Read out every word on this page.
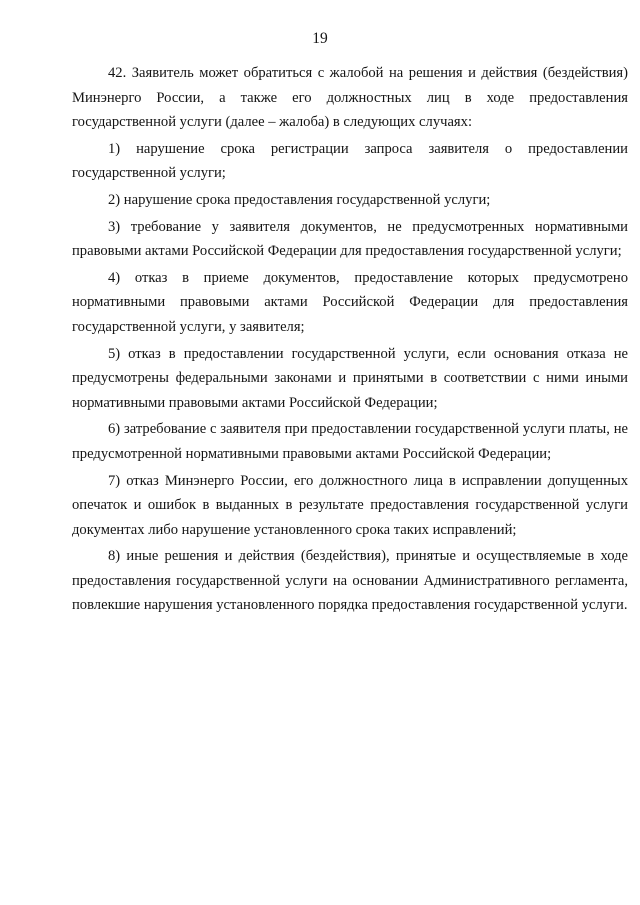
19

42. Заявитель может обратиться с жалобой на решения и действия (бездействия) Минэнерго России, а также его должностных лиц в ходе предоставления государственной услуги (далее – жалоба) в следующих случаях:

1) нарушение срока регистрации запроса заявителя о предоставлении государственной услуги;

2) нарушение срока предоставления государственной услуги;

3) требование у заявителя документов, не предусмотренных нормативными правовыми актами Российской Федерации для предоставления государственной услуги;

4) отказ в приеме документов, предоставление которых предусмотрено нормативными правовыми актами Российской Федерации для предоставления государственной услуги, у заявителя;

5) отказ в предоставлении государственной услуги, если основания отказа не предусмотрены федеральными законами и принятыми в соответствии с ними иными нормативными правовыми актами Российской Федерации;

6) затребование с заявителя при предоставлении государственной услуги платы, не предусмотренной нормативными правовыми актами Российской Федерации;

7) отказ Минэнерго России, его должностного лица в исправлении допущенных опечаток и ошибок в выданных в результате предоставления государственной услуги документах либо нарушение установленного срока таких исправлений;

8) иные решения и действия (бездействия), принятые и осуществляемые в ходе предоставления государственной услуги на основании Административного регламента, повлекшие нарушения установленного порядка предоставления государственной услуги.
